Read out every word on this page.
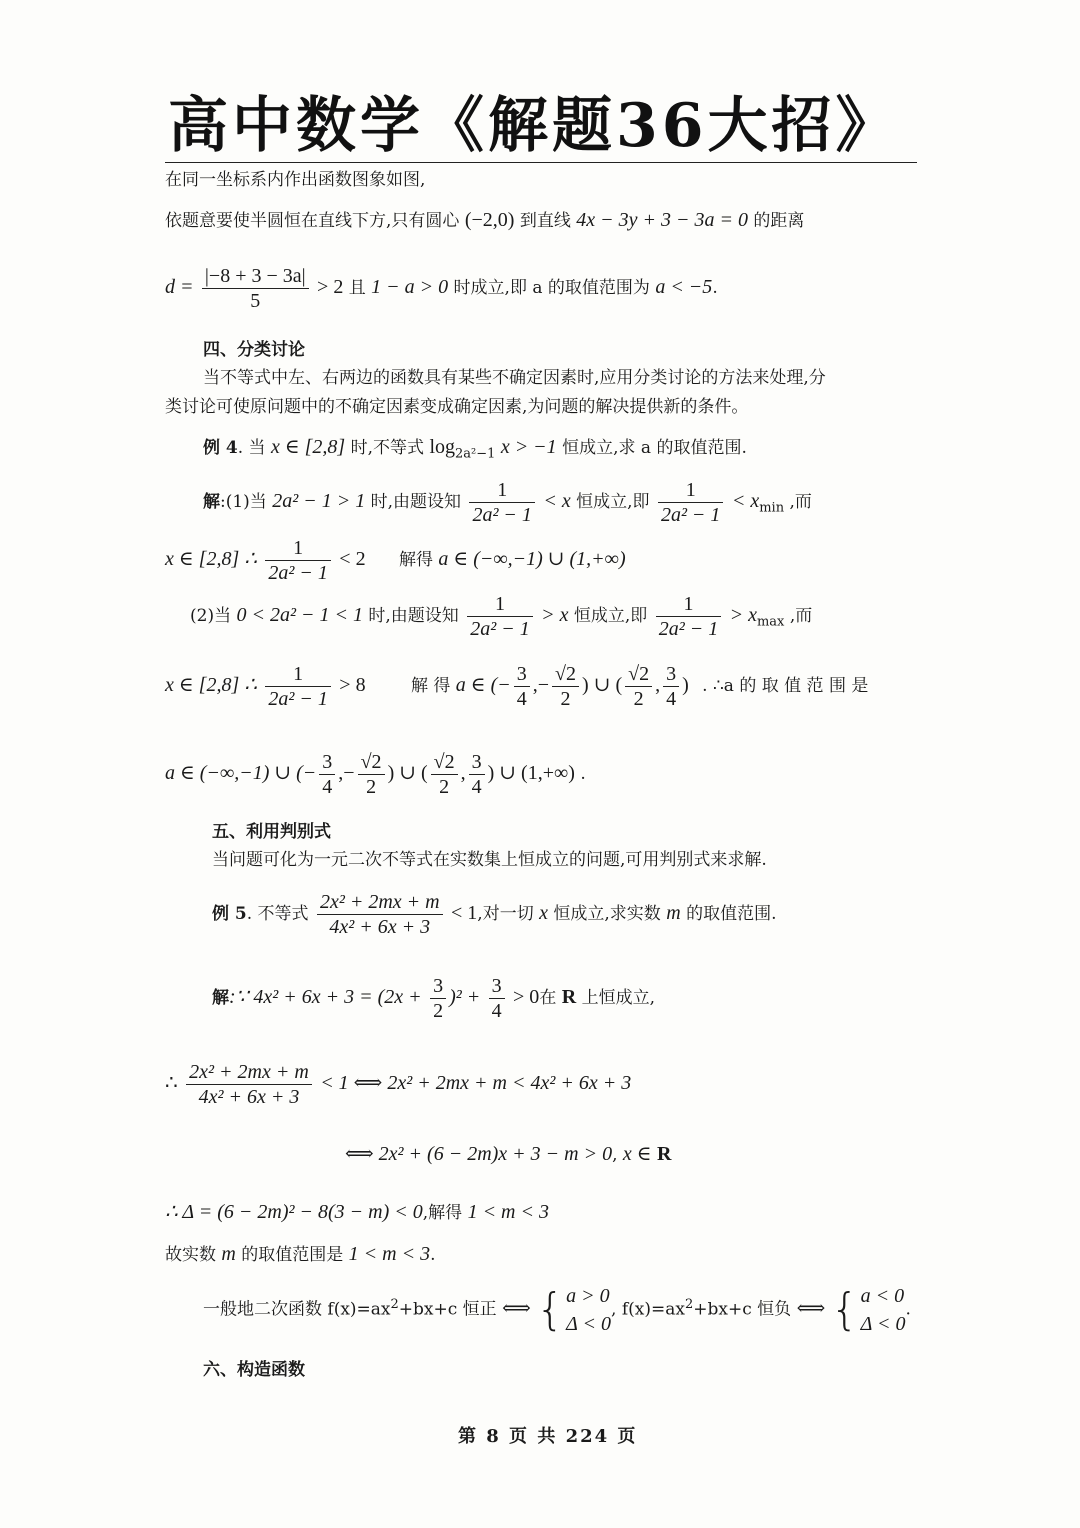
高中数学《解题36大招》
在同一坐标系内作出函数图象如图,
依题意要使半圆恒在直线下方,只有圆心 (−2,0) 到直线 4x − 3y + 3 − 3a = 0 的距离
$d = \frac{|-8 + 3 - 3a|}{5} > 2$ 且 1 − a > 0 时成立,即 a 的取值范围为 a < −5.
四、分类讨论
当不等式中左、右两边的函数具有某些不确定因素时,应用分类讨论的方法来处理,分
类讨论可使原问题中的不确定因素变成确定因素,为问题的解决提供新的条件。
例 4. 当 x ∈ [2,8] 时,不等式 $\log_{2a^2-1} x > -1$ 恒成立,求 a 的取值范围.
解:(1)当 2a² − 1 > 1 时,由题设知 $\frac{1}{\text{2a² − 1}} < x$ 恒成立,即 $\frac{1}{\text{2a² − 1}} < x_{min}$ ,而
x ∈ [2,8] ∴ $\frac{1}{\text{2a² − 1}} < 2$ 解得 a ∈ (−∞,−1) ∪ (1,+∞)
(2)当 0 < 2a² − 1 < 1 时,由题设知 $\frac{1}{\text{2a² − 1}} > x$ 恒成立,即 $\frac{1}{\text{2a² − 1}} > x_{max}$ ,而
x ∈ [2,8] ∴ $\frac{1}{\text{2a² − 1}} > 8$	解 得 a ∈ (− $\frac{3}{4}$ ,− $\frac{√2}{2}$ ) ∪ ( $\frac{√2}{2}$ , $\frac{3}{4}$ ) . ∴a 的 取 值 范 围 是
a ∈ (−∞,−1) ∪ (− $\frac{3}{4}$ ,− $\frac{√2}{2}$ ) ∪ ( $\frac{√2}{2}$ , $\frac{3}{4}$ ) ∪ (1,+∞) .
五、利用判别式
当问题可化为一元二次不等式在实数集上恒成立的问题,可用判别式来求解.
例 5. 不等式 $\frac{\text{2x² + 2mx + m}}{\text{4x² + 6x + 3}} < 1$,对一切 x 恒成立,求实数 m 的取值范围.
解:∵ $4x^2 + 6x + 3 = (2x + \frac{3}{2} )^2 + \frac{3}{4} > 0$在 R 上恒成立,
∴ $\frac{\text{2x² + 2mx + m}}{\text{4x² + 6x + 3}} < 1$ ⟺ 2x² + 2mx + m < 4x² + 6x + 3
⟺ 2x² + (6 − 2m)x + 3 − m > 0, x ∈ R
∴ Δ = (6 − 2m)² − 8(3 − m) < 0,解得 1 < m < 3
故实数 m 的取值范围是 1 < m < 3.
一般地二次函数 $f(x)=ax^2+bx+c$ 恒正 ⟺ { a > 0
Δ < 0
, $f(x)=ax^2+bx+c$ 恒负 ⟺ { a < 0
Δ < 0
.
六、构造函数
第 8 页 共 224 页
